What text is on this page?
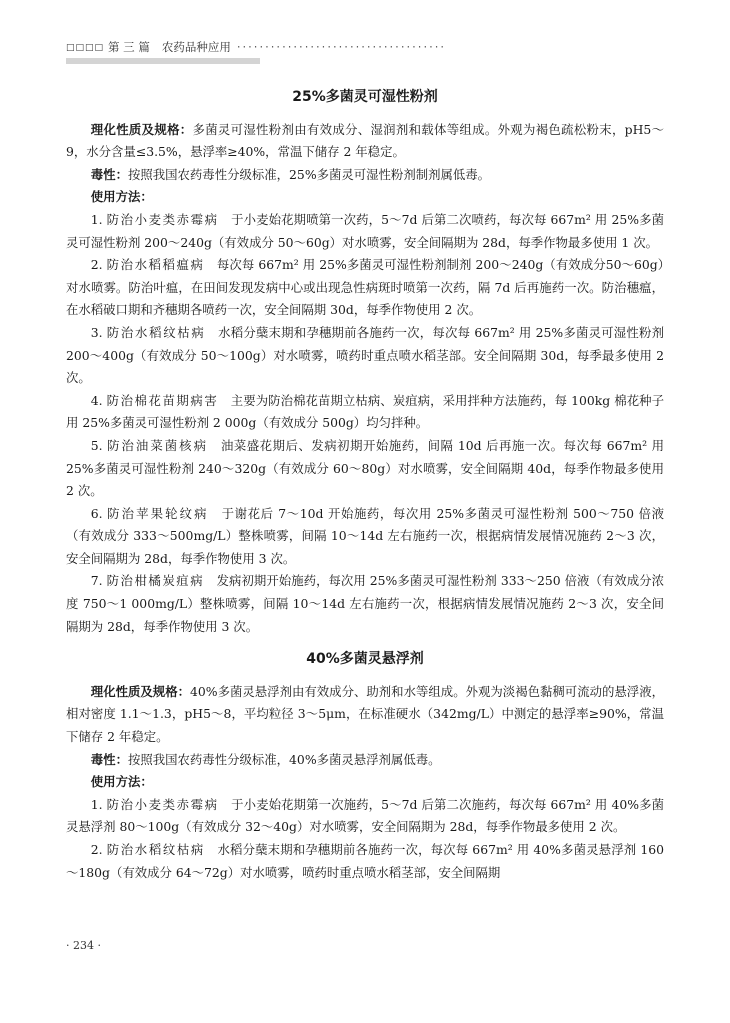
□□□□ 第 三 篇 农药品种应用 ·····································

25%多菌灵可湿性粉剂

理化性质及规格：多菌灵可湿性粉剂由有效成分、湿润剂和载体等组成。外观为褐色疏松粉末，pH5～9，水分含量≤3.5%，悬浮率≥40%，常温下储存 2 年稳定。

毒性：按照我国农药毒性分级标准，25%多菌灵可湿性粉剂制剂属低毒。

使用方法：

1. 防治小麦类赤霉病　 于小麦始花期喷第一次药，5～7d 后第二次喷药，每次每 667m² 用 25%多菌灵可湿性粉剂 200～240g（有效成分 50～60g）对水喷雾，安全间隔期为 28d，每季作物最多使用 1 次。

2. 防治水稻稻瘟病　 每次每 667m² 用 25%多菌灵可湿性粉剂制剂 200～240g（有效成分50～60g）对水喷雾。防治叶瘟，在田间发现发病中心或出现急性病斑时喷第一次药，隔 7d 后再施药一次。防治穗瘟，在水稻破口期和齐穗期各喷药一次，安全间隔期 30d，每季作物使用 2 次。

3. 防治水稻纹枯病　 水稻分蘖末期和孕穗期前各施药一次，每次每 667m² 用 25%多菌灵可湿性粉剂 200～400g（有效成分 50～100g）对水喷雾，喷药时重点喷水稻茎部。安全间隔期 30d，每季最多使用 2 次。

4. 防治棉花苗期病害　 主要为防治棉花苗期立枯病、炭疽病，采用拌种方法施药，每 100kg 棉花种子用 25%多菌灵可湿性粉剂 2 000g（有效成分 500g）均匀拌种。

5. 防治油菜菌核病　 油菜盛花期后、发病初期开始施药，间隔 10d 后再施一次。每次每 667m² 用 25%多菌灵可湿性粉剂 240～320g（有效成分 60～80g）对水喷雾，安全间隔期 40d，每季作物最多使用 2 次。

6. 防治苹果轮纹病　 于谢花后 7～10d 开始施药，每次用 25%多菌灵可湿性粉剂 500～750 倍液（有效成分 333～500mg/L）整株喷雾，间隔 10～14d 左右施药一次，根据病情发展情况施药 2～3 次，安全间隔期为 28d，每季作物使用 3 次。

7. 防治柑橘炭疽病　 发病初期开始施药，每次用 25%多菌灵可湿性粉剂 333～250 倍液（有效成分浓度 750～1 000mg/L）整株喷雾，间隔 10～14d 左右施药一次，根据病情发展情况施药 2～3 次，安全间隔期为 28d，每季作物使用 3 次。

40%多菌灵悬浮剂

理化性质及规格：40%多菌灵悬浮剂由有效成分、助剂和水等组成。外观为淡褐色黏稠可流动的悬浮液，相对密度 1.1～1.3，pH5～8，平均粒径 3～5μm，在标准硬水（342mg/L）中测定的悬浮率≥90%，常温下储存 2 年稳定。

毒性：按照我国农药毒性分级标准，40%多菌灵悬浮剂属低毒。

使用方法：

1. 防治小麦类赤霉病　 于小麦始花期第一次施药，5～7d 后第二次施药，每次每 667m² 用 40%多菌灵悬浮剂 80～100g（有效成分 32～40g）对水喷雾，安全间隔期为 28d，每季作物最多使用 2 次。

2. 防治水稻纹枯病　 水稻分蘖末期和孕穗期前各施药一次，每次每 667m² 用 40%多菌灵悬浮剂 160～180g（有效成分 64～72g）对水喷雾，喷药时重点喷水稻茎部，安全间隔期

· 234 ·
